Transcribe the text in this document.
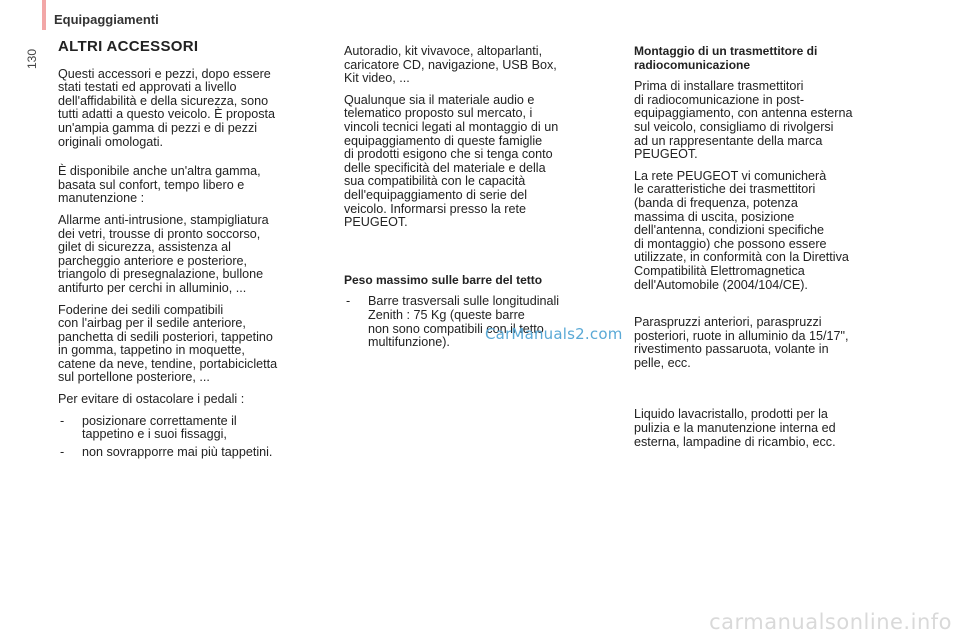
Equipaggiamenti
130
ALTRI ACCESSORI

Questi accessori e pezzi, dopo essere
stati testati ed approvati a livello
dell'affidabilità e della sicurezza, sono
tutti adatti a questo veicolo. È proposta
un'ampia gamma di pezzi e di pezzi
originali omologati.

È disponibile anche un'altra gamma,
basata sul confort, tempo libero e
manutenzione :

Allarme anti-intrusione, stampigliatura
dei vetri, trousse di pronto soccorso,
gilet di sicurezza, assistenza al
parcheggio anteriore e posteriore,
triangolo di presegnalazione, bullone
antifurto per cerchi in alluminio, ...

Foderine dei sedili compatibili
con l'airbag per il sedile anteriore,
panchetta di sedili posteriori, tappetino
in gomma, tappetino in moquette,
catene da neve, tendine, portabicicletta
sul portellone posteriore, ...

Per evitare di ostacolare i pedali :

- posizionare correttamente il
tappetino e i suoi fissaggi,
- non sovrapporre mai più tappetini.

Autoradio, kit vivavoce, altoparlanti,
caricatore CD, navigazione, USB Box,
Kit video, ...

Qualunque sia il materiale audio e
telematico proposto sul mercato, i
vincoli tecnici legati al montaggio di un
equipaggiamento di queste famiglie
di prodotti esigono che si tenga conto
delle specificità del materiale e della
sua compatibilità con le capacità
dell'equipaggiamento di serie del
veicolo. Informarsi presso la rete
PEUGEOT.

Peso massimo sulle barre del tetto

- Barre trasversali sulle longitudinali
Zenith : 75 Kg (queste barre
non sono compatibili con il tetto
multifunzione).

Montaggio di un trasmettitore di
radiocomunicazione

Prima di installare trasmettitori
di radiocomunicazione in post-
equipaggiamento, con antenna esterna
sul veicolo, consigliamo di rivolgersi
ad un rappresentante della marca
PEUGEOT.

La rete PEUGEOT vi comunicherà
le caratteristiche dei trasmettitori
(banda di frequenza, potenza
massima di uscita, posizione
dell'antenna, condizioni specifiche
di montaggio) che possono essere
utilizzate, in conformità con la Direttiva
Compatibilità Elettromagnetica
dell'Automobile (2004/104/CE).

Paraspruzzi anteriori, paraspruzzi
posteriori, ruote in alluminio da 15/17",
rivestimento passaruota, volante in
pelle, ecc.

Liquido lavacristallo, prodotti per la
pulizia e la manutenzione interna ed
esterna, lampadine di ricambio, ecc.

CarManuals2.com
carmanualsonline.info
